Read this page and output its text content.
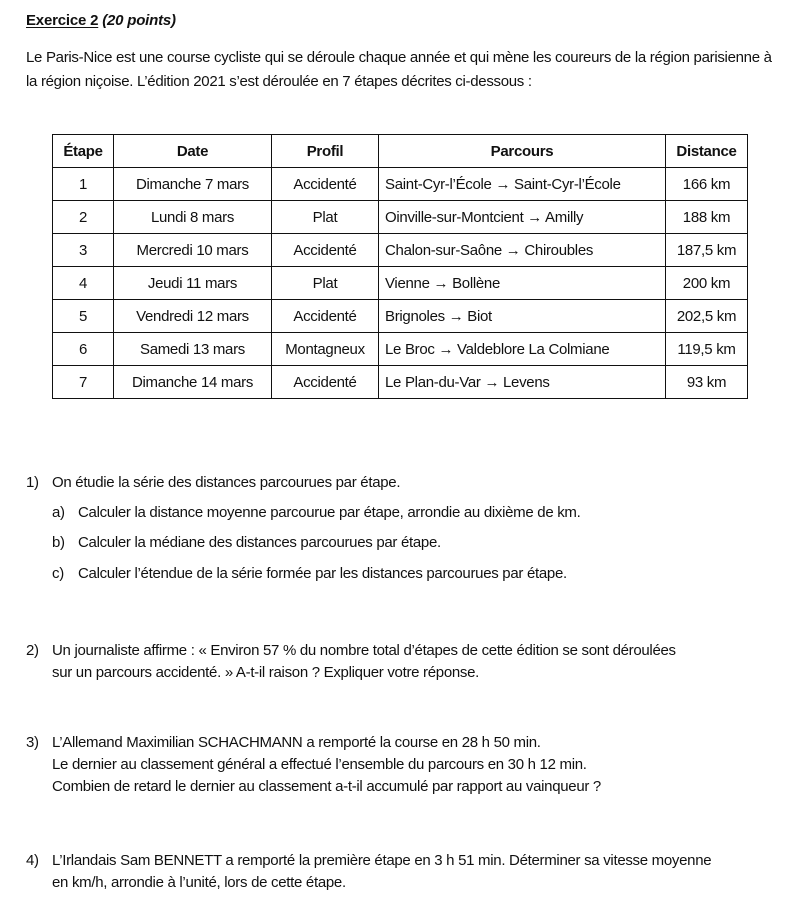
Exercice 2 (20 points)
Le Paris-Nice est une course cycliste qui se déroule chaque année et qui mène les coureurs de la région parisienne à la région niçoise. L’édition 2021 s’est déroulée en 7 étapes décrites ci-dessous :
Étape	Date	Profil	Parcours	Distance
1	Dimanche 7 mars	Accidenté	Saint-Cyr-l’École → Saint-Cyr-l’École	166 km
2	Lundi 8 mars	Plat	Oinville-sur-Montcient → Amilly	188 km
3	Mercredi 10 mars	Accidenté	Chalon-sur-Saône → Chiroubles	187,5 km
4	Jeudi 11 mars	Plat	Vienne → Bollène	200 km
5	Vendredi 12 mars	Accidenté	Brignoles → Biot	202,5 km
6	Samedi 13 mars	Montagneux	Le Broc → Valdeblore La Colmiane	119,5 km
7	Dimanche 14 mars	Accidenté	Le Plan-du-Var → Levens	93 km
1) On étudie la série des distances parcourues par étape.
a) Calculer la distance moyenne parcourue par étape, arrondie au dixième de km.
b) Calculer la médiane des distances parcourues par étape.
c) Calculer l’étendue de la série formée par les distances parcourues par étape.
2) Un journaliste affirme : « Environ 57 % du nombre total d’étapes de cette édition se sont déroulées
sur un parcours accidenté. » A-t-il raison ? Expliquer votre réponse.
3) L’Allemand Maximilian SCHACHMANN a remporté la course en 28 h 50 min.
Le dernier au classement général a effectué l’ensemble du parcours en 30 h 12 min.
Combien de retard le dernier au classement a-t-il accumulé par rapport au vainqueur ?
4) L’Irlandais Sam BENNETT a remporté la première étape en 3 h 51 min. Déterminer sa vitesse moyenne
en km/h, arrondie à l’unité, lors de cette étape.
